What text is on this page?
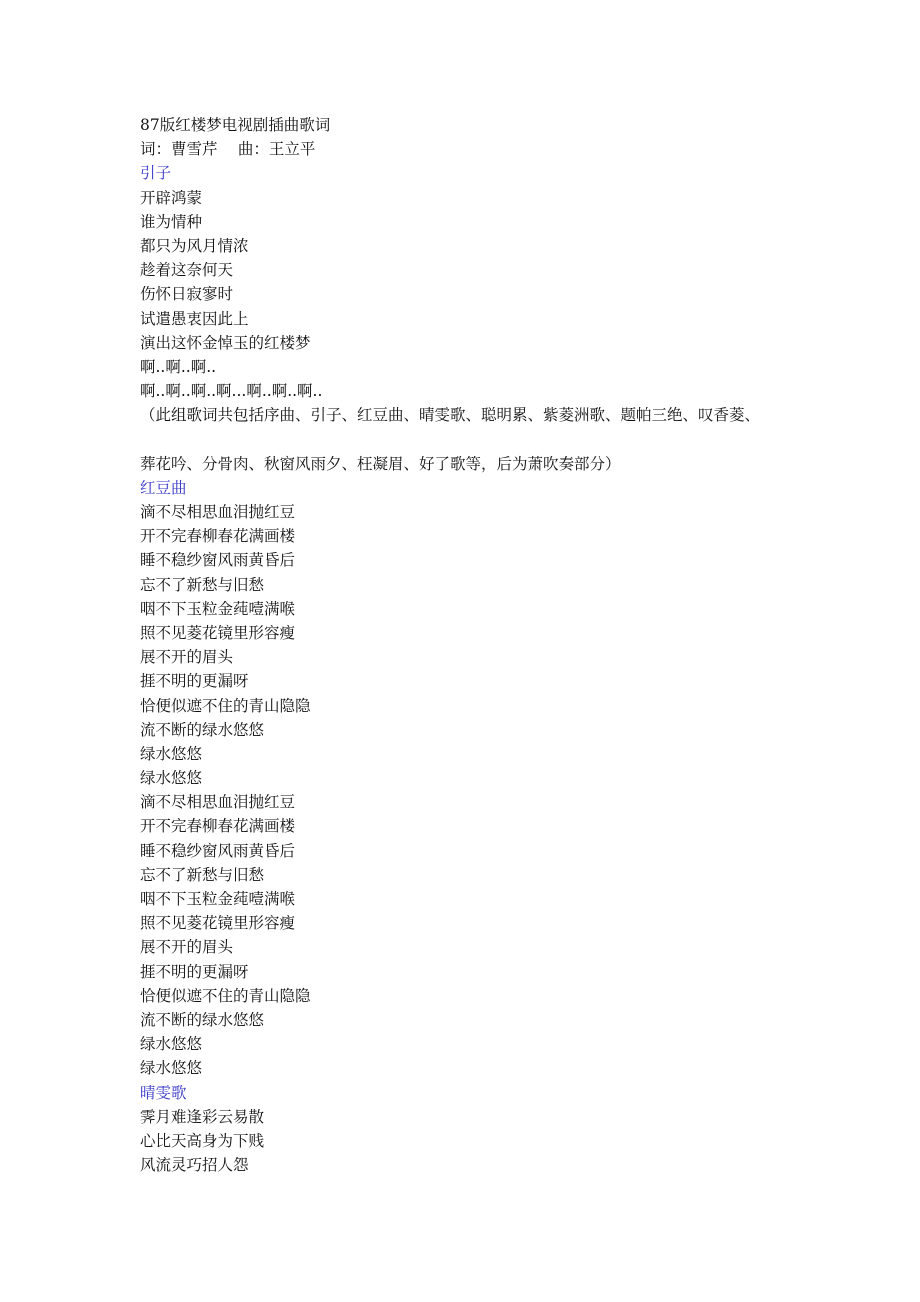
87版红楼梦电视剧插曲歌词
词：曹雪芹　 曲：王立平
引子
开辟鸿蒙
谁为情种
都只为风月情浓
趁着这奈何天
伤怀日寂寥时
试遣愚衷因此上
演出这怀金悼玉的红楼梦
啊..啊..啊..
啊..啊..啊..啊...啊..啊..啊..
（此组歌词共包括序曲、引子、红豆曲、晴雯歌、聪明累、紫菱洲歌、题帕三绝、叹香菱、
葬花吟、分骨肉、秋窗风雨夕、枉凝眉、好了歌等，后为萧吹奏部分）
红豆曲
滴不尽相思血泪抛红豆
开不完春柳春花满画楼
睡不稳纱窗风雨黄昏后
忘不了新愁与旧愁
咽不下玉粒金莼噎满喉
照不见菱花镜里形容瘦
展不开的眉头
捱不明的更漏呀
恰便似遮不住的青山隐隐
流不断的绿水悠悠
绿水悠悠
绿水悠悠
滴不尽相思血泪抛红豆
开不完春柳春花满画楼
睡不稳纱窗风雨黄昏后
忘不了新愁与旧愁
咽不下玉粒金莼噎满喉
照不见菱花镜里形容瘦
展不开的眉头
捱不明的更漏呀
恰便似遮不住的青山隐隐
流不断的绿水悠悠
绿水悠悠
绿水悠悠
晴雯歌
霁月难逢彩云易散
心比天高身为下贱
风流灵巧招人怨
